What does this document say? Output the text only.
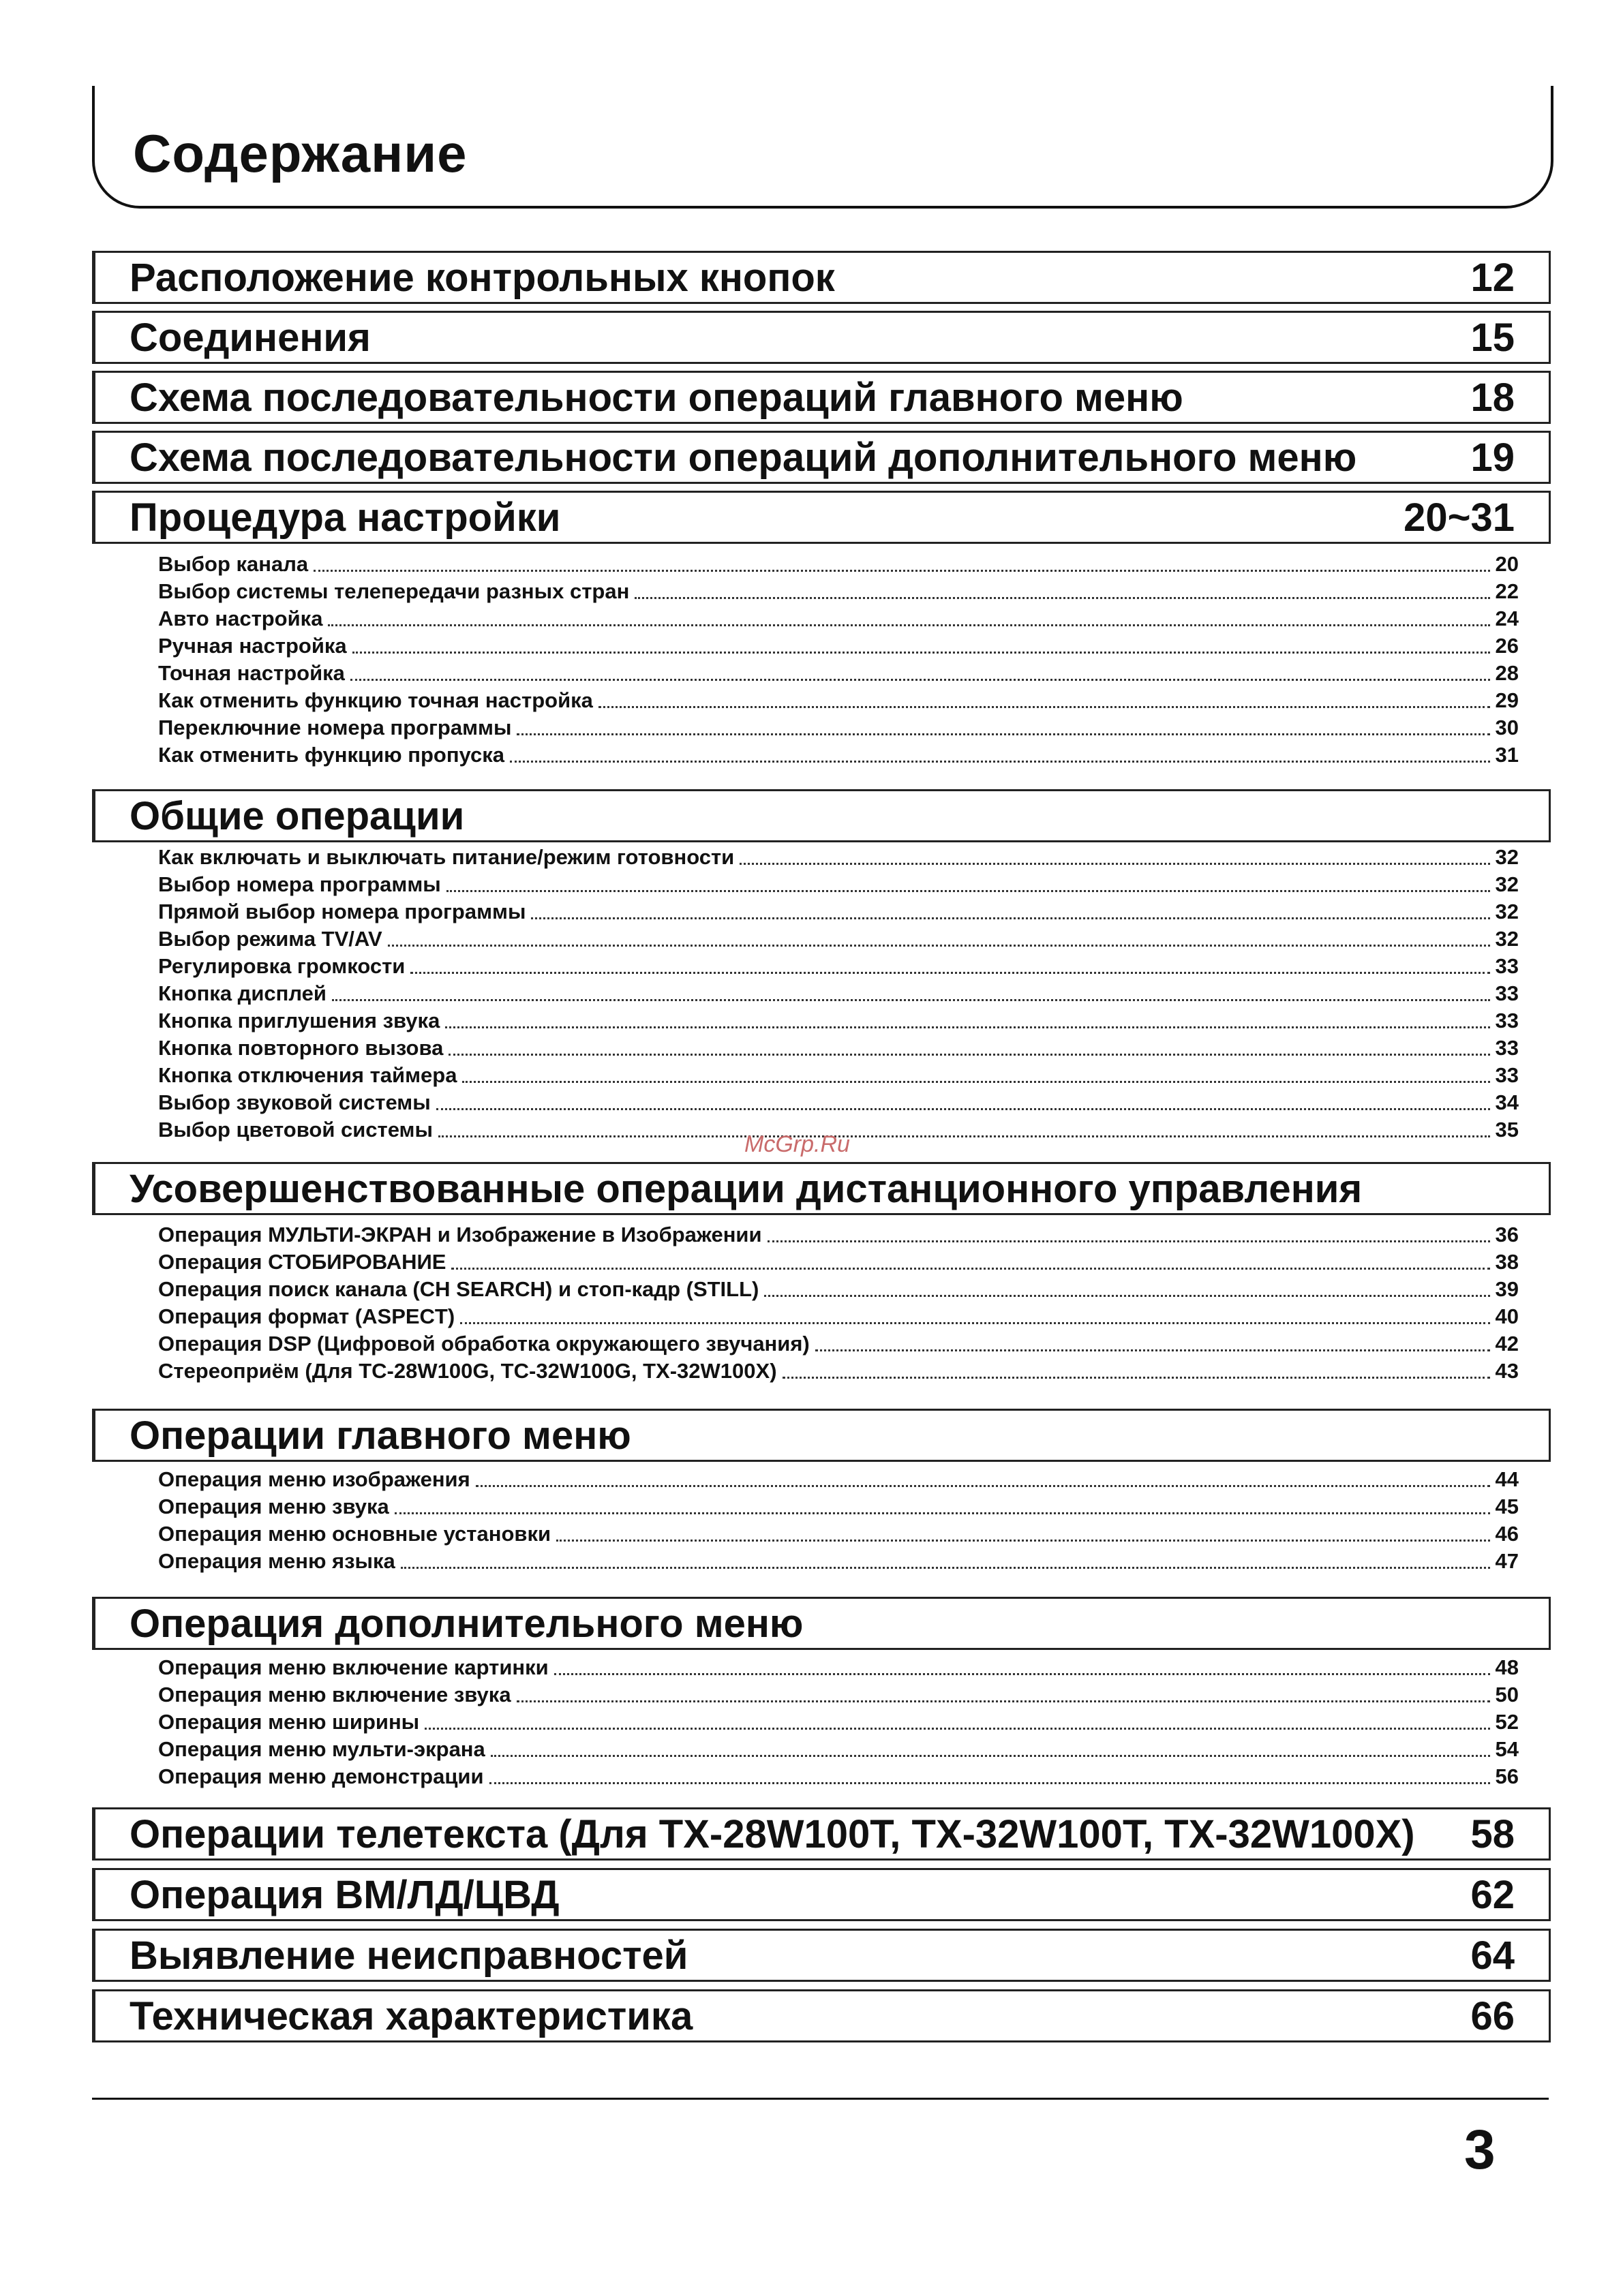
Содержание
Расположение контрольных кнопок	12
Соединения	15
Схема последовательности операций главного меню	18
Схема последовательности операций дополнительного меню	19
Процедура настройки	20~31
Выбор канала	20
Выбор системы телепередачи разных стран	22
Авто настройка	24
Ручная настройка	26
Точная настройка	28
Как отменить функцию точная настройка	29
Переключние номера программы	30
Как отменить функцию пропуска	31
Общие операции
Как включать и выключать питание/режим готовности	32
Выбор номера программы	32
Прямой выбор номера программы	32
Выбор режима TV/AV	32
Регулировка громкости	33
Кнопка дисплей	33
Кнопка приглушения звука	33
Кнопка повторного вызова	33
Кнопка отключения таймера	33
Выбор звуковой системы	34
Выбор цветовой системы	35
McGrp.Ru
Усовершенствованные операции дистанционного управления
Операция МУЛЬТИ-ЭКРАН и Изображение в Изображении	36
Операция СТОБИРОВАНИЕ	38
Операция поиск канала (CH SEARCH) и стоп-кадр (STILL)	39
Операция формат (ASPECT)	40
Операция DSP (Цифровой обработка окружающего звучания)	42
Стереоприём (Для TC-28W100G, TC-32W100G, TX-32W100X)	43
Операции главного меню
Операция меню изображения	44
Операция меню звука	45
Операция меню основные установки	46
Операция меню языка	47
Операция дополнительного меню
Операция меню включение картинки	48
Операция меню включение звука	50
Операция меню ширины	52
Операция меню мульти-экрана	54
Операция меню демонстрации	56
Операции телетекста (Для TX-28W100T, TX-32W100T, TX-32W100X) 58
Операция ВМ/ЛД/ЦВД	62
Выявление неисправностей	64
Техническая характеристика	66
3
